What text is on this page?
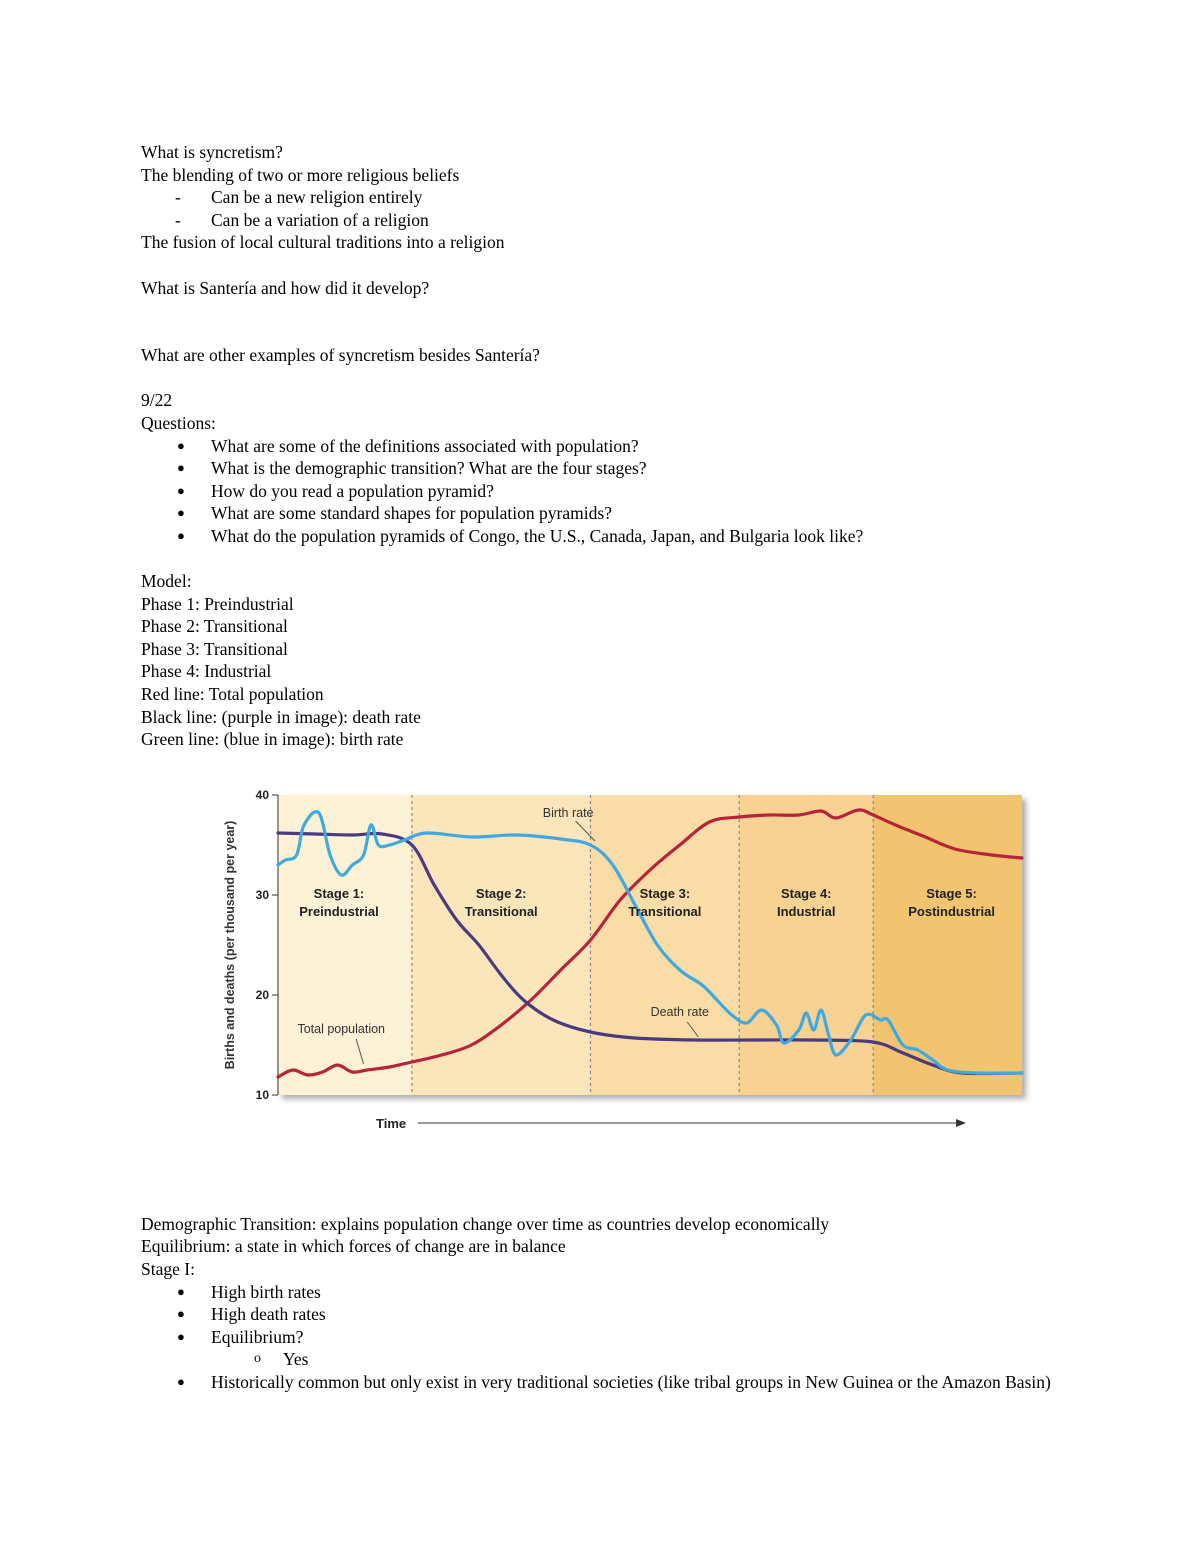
What is syncretism?
The blending of two or more religious beliefs
-	Can be a new religion entirely
-	Can be a variation of a religion
The fusion of local cultural traditions into a religion
What is Santería and how did it develop?
What are other examples of syncretism besides Santería?
9/22
Questions:
●	What are some of the definitions associated with population?
●	What is the demographic transition? What are the four stages?
●	How do you read a population pyramid?
●	What are some standard shapes for population pyramids?
●	What do the population pyramids of Congo, the U.S., Canada, Japan, and Bulgaria look like?
Model:
Phase 1: Preindustrial
Phase 2: Transitional
Phase 3: Transitional
Phase 4: Industrial
Red line: Total population
Black line: (purple in image): death rate
Green line: (blue in image): birth rate
40
30
20
10
Births and deaths (per thousand per year)
Time
Stage 1:
Preindustrial
Stage 2:
Transitional
Stage 3:
Transitional
Stage 4:
Industrial
Stage 5:
Postindustrial
Birth rate
Death rate
Total population
Demographic Transition: explains population change over time as countries develop economically
Equilibrium: a state in which forces of change are in balance
Stage I:
●	High birth rates
●	High death rates
●	Equilibrium?
o	Yes
●	Historically common but only exist in very traditional societies (like tribal groups in New Guinea or the Amazon Basin)
